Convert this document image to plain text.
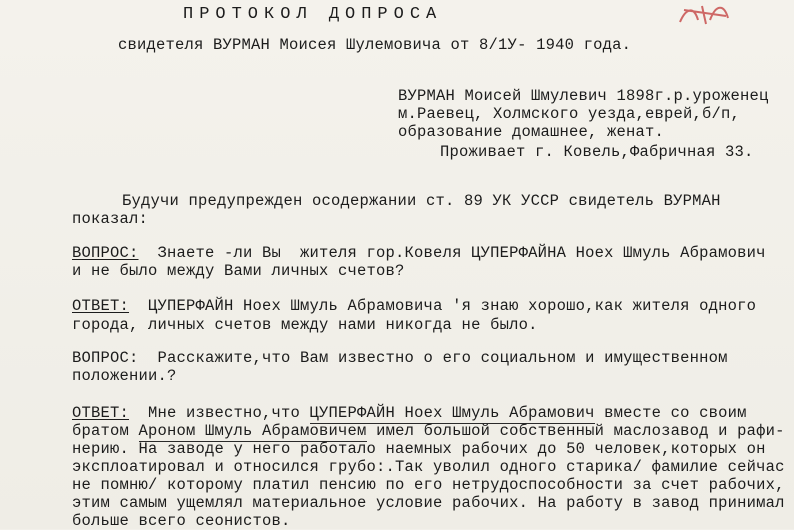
ПРОТОКОЛ ДОПРОСА
свидетеля ВУРМАН Моисея Шулемовича от 8/1У- 1940 года.
ВУРМАН Моисей Шмулевич 1898г.р.уроженец
м.Раевец, Холмского уезда,еврей,б/п,
образование домашнее, женат.
Проживает г. Ковель,Фабричная 33.
Будучи предупрежден осодержании ст. 89 УК УССР свидетель ВУРМАН
показал:
ВОПРОС:  Знаете -ли Вы  жителя гор.Ковеля ЦУПЕРФАЙНА Ноех Шмуль Абрамович
и не было между Вами личных счетов?
ОТВЕТ:  ЦУПЕРФАЙН Ноех Шмуль Абрамовича 'я знаю хорошо,как жителя одного
города, личных счетов между нами никогда не было.
ВОПРОС:  Расскажите,что Вам известно о его социальном и имущественном
положении.?
ОТВЕТ:  Мне известно,что ЦУПЕРФАЙН Ноех Шмуль Абрамович вместе со своим
братом Ароном Шмуль Абрамовичем имел большой собственный маслозавод и рафи-
нерию. На заводе у него работало наемных рабочих до 50 человек,которых он
эксплоатировал и относился грубо:.Так уволил одного старика/ фамилие сейчас
не помню/ которому платил пенсию по его нетрудоспособности за счет рабочих,
этим самым ущемлял материальное условие рабочих. На работу в завод принимал
больше всего сеонистов.
